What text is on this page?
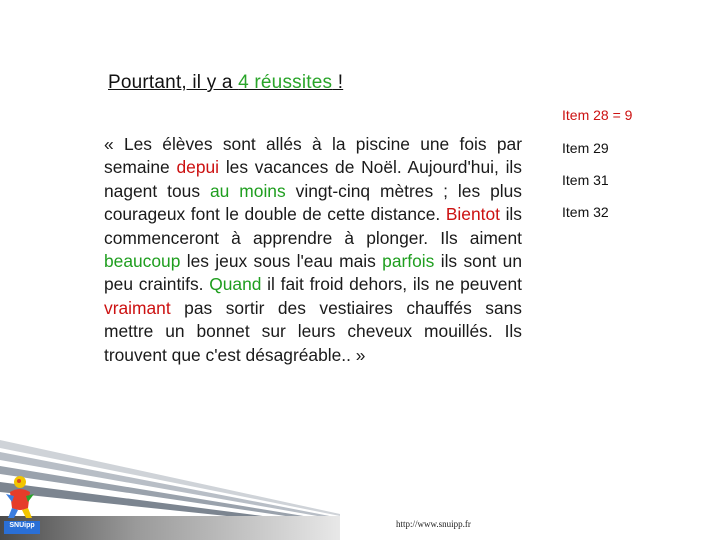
Pourtant, il y a 4 réussites !
Item 28 = 9
Item 29
Item 31
Item 32
« Les élèves sont allés à la piscine une fois par semaine depui les vacances de Noël. Aujourd'hui, ils nagent tous au moins vingt-cinq mètres ; les plus courageux font le double de cette distance. Bientot ils commenceront à apprendre à plonger. Ils aiment beaucoup les jeux sous l'eau mais parfois ils sont un peu craintifs. Quand il fait froid dehors, ils ne peuvent vraimant pas sortir des vestiaires chauffés sans mettre un bonnet sur leurs cheveux mouillés. Ils trouvent que c'est désagréable.. »
SNUipp	http://www.snuipp.fr
